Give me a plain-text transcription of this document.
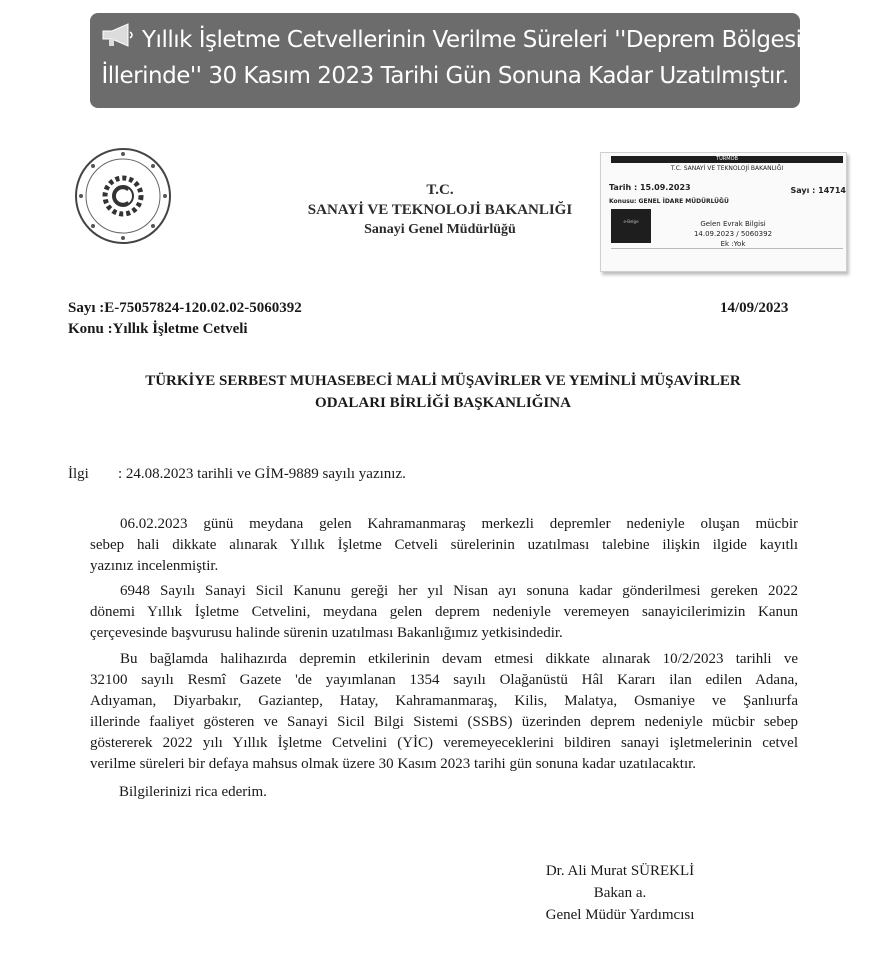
Yıllık İşletme Cetvellerinin Verilme Süreleri ''Deprem Bölgesi
İllerinde'' 30 Kasım 2023 Tarihi Gün Sonuna Kadar Uzatılmıştır.
T.C.
SANAYİ VE TEKNOLOJİ BAKANLIĞI
Sanayi Genel Müdürlüğü
TÜRMOB
T.C. SANAYİ VE TEKNOLOJİ BAKANLIĞI
Tarih : 15.09.2023	Sayı : 14714
Konusu: GENEL İDARE MÜDÜRLÜĞÜ
e-Belge	Gelen Evrak Bilgisi
14.09.2023 / 5060392
Ek :Yok
Sayı :E-75057824-120.02.02-5060392
Konu :Yıllık İşletme Cetveli
14/09/2023
TÜRKİYE SERBEST MUHASEBECİ MALİ MÜŞAVİRLER VE YEMİNLİ MÜŞAVİRLER
ODALARI BİRLİĞİ BAŞKANLIĞINA
İlgi : 24.08.2023 tarihli ve GİM-9889 sayılı yazınız.
06.02.2023 günü meydana gelen Kahramanmaraş merkezli depremler nedeniyle oluşan mücbir
sebep hali dikkate alınarak Yıllık İşletme Cetveli sürelerinin uzatılması talebine ilişkin ilgide kayıtlı
yazınız incelenmiştir.
6948 Sayılı Sanayi Sicil Kanunu gereği her yıl Nisan ayı sonuna kadar gönderilmesi gereken 2022
dönemi Yıllık İşletme Cetvelini, meydana gelen deprem nedeniyle veremeyen sanayicilerimizin Kanun
çerçevesinde başvurusu halinde sürenin uzatılması Bakanlığımız yetkisindedir.
Bu bağlamda halihazırda depremin etkilerinin devam etmesi dikkate alınarak 10/2/2023 tarihli ve
32100 sayılı Resmî Gazete 'de yayımlanan 1354 sayılı Olağanüstü Hâl Kararı ilan edilen Adana,
Adıyaman, Diyarbakır, Gaziantep, Hatay, Kahramanmaraş, Kilis, Malatya, Osmaniye ve Şanlıurfa
illerinde faaliyet gösteren ve Sanayi Sicil Bilgi Sistemi (SSBS) üzerinden deprem nedeniyle mücbir sebep
göstererek 2022 yılı Yıllık İşletme Cetvelini (YİC) veremeyeceklerini bildiren sanayi işletmelerinin cetvel
verilme süreleri bir defaya mahsus olmak üzere 30 Kasım 2023 tarihi gün sonuna kadar uzatılacaktır.
Bilgilerinizi rica ederim.
Dr. Ali Murat SÜREKLİ
Bakan a.
Genel Müdür Yardımcısı
